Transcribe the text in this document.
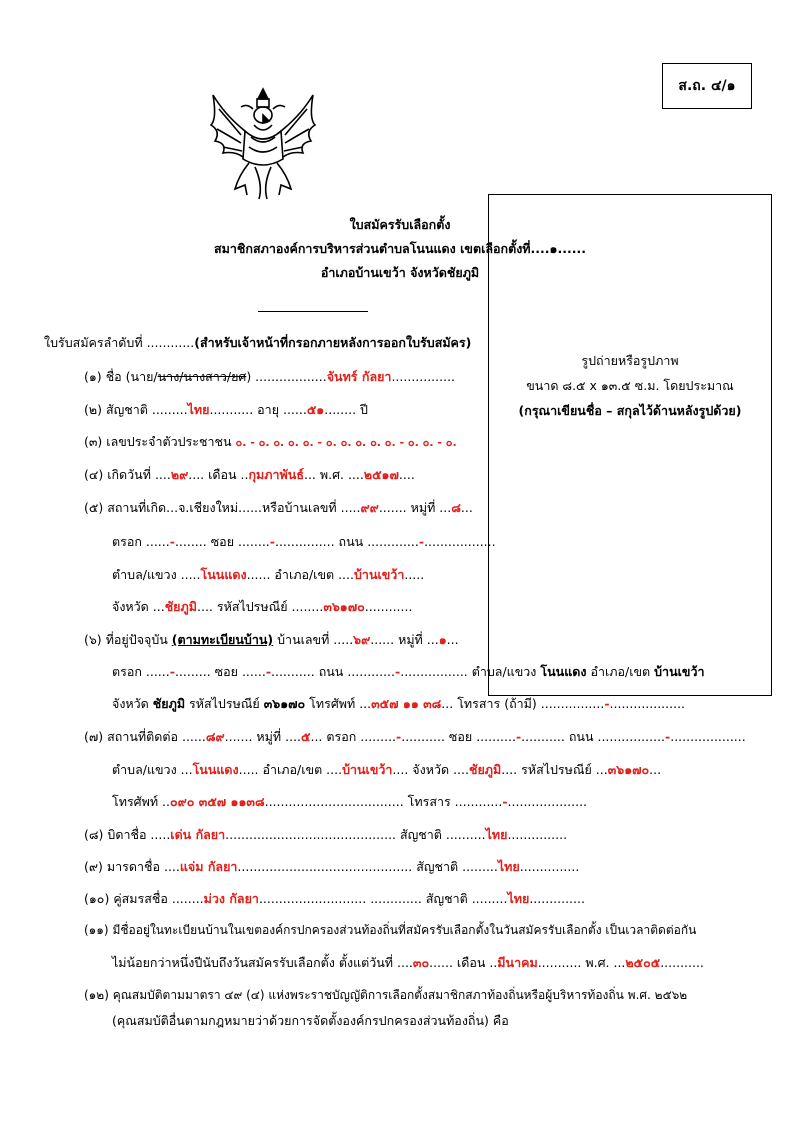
ส.ถ. ๔/๑
ใบสมัครรับเลือกตั้ง
สมาชิกสภาองค์การบริหารส่วนตำบลโนนแดง เขตเลือกตั้งที่....๑......
อำเภอบ้านเขว้า จังหวัดชัยภูมิ
ใบรับสมัครลำดับที่ ............(สำหรับเจ้าหน้าที่กรอกภายหลังการออกใบรับสมัคร)
รูปถ่ายหรือรูปภาพ
ขนาด ๘.๕ x ๑๓.๕ ซ.ม. โดยประมาณ
(กรุณาเขียนชื่อ – สกุลไว้ด้านหลังรูปด้วย)
(๑) ชื่อ (นาย/นาง/นางสาว/ยศ) ..................จันทร์ กัลยา................
(๒) สัญชาติ .........ไทย........... อายุ ......๕๑........ ปี
(๓) เลขประจำตัวประชาชน ๐. - ๐. ๐. ๐. ๐. - ๐. ๐. ๐. ๐. ๐. - ๐. ๐. - ๐.
(๔) เกิดวันที่ ....๒๙.... เดือน ..กุมภาพันธ์... พ.ศ. ....๒๕๑๗....
(๕) สถานที่เกิด...จ.เชียงใหม่......หรือบ้านเลขที่ .....๙๙....... หมู่ที่ ...๘...
ตรอก ......-........ ซอย ........-............... ถนน .............-..................
ตำบล/แขวง .....โนนแดง...... อำเภอ/เขต ....บ้านเขว้า.....
จังหวัด ...ชัยภูมิ.... รหัสไปรษณีย์ ........๓๖๑๗๐............
(๖) ที่อยู่ปัจจุบัน (ตามทะเบียนบ้าน) บ้านเลขที่ .....๖๙...... หมู่ที่ ...๑...
ตรอก ......-......... ซอย ......-........... ถนน ............-................. ตำบล/แขวง โนนแดง อำเภอ/เขต บ้านเขว้า
จังหวัด ชัยภูมิ รหัสไปรษณีย์ ๓๖๑๗๐ โทรศัพท์ ...๓๕๗ ๑๑ ๓๘... โทรสาร (ถ้ามี) ................-...................
(๗) สถานที่ติดต่อ ......๘๙....... หมู่ที่ ....๕... ตรอก .........-........... ซอย ..........-........... ถนน .................-...................
ตำบล/แขวง ...โนนแดง..... อำเภอ/เขต ....บ้านเขว้า.... จังหวัด ....ชัยภูมิ.... รหัสไปรษณีย์ ...๓๖๑๗๐...
โทรศัพท์ ..๐๙๐ ๓๕๗ ๑๑๓๘................................... โทรสาร ............-....................
(๘) บิดาชื่อ .....เด่น กัลยา........................................... สัญชาติ ..........ไทย...............
(๙) มารดาชื่อ ....แจ่ม กัลยา............................................ สัญชาติ .........ไทย...............
(๑๐) คู่สมรสชื่อ ........ม่วง กัลยา........................... ............. สัญชาติ .........ไทย..............
(๑๑) มีชื่ออยู่ในทะเบียนบ้านในเขตองค์กรปกครองส่วนท้องถิ่นที่สมัครรับเลือกตั้งในวันสมัครรับเลือกตั้ง เป็นเวลาติดต่อกัน
ไม่น้อยกว่าหนึ่งปีนับถึงวันสมัครรับเลือกตั้ง ตั้งแต่วันที่ ....๓๐...... เดือน ..มีนาคม........... พ.ศ. ...๒๕๐๕...........
(๑๒) คุณสมบัติตามมาตรา ๔๙ (๔) แห่งพระราชบัญญัติการเลือกตั้งสมาชิกสภาท้องถิ่นหรือผู้บริหารท้องถิ่น พ.ศ. ๒๕๖๒
(คุณสมบัติอื่นตามกฎหมายว่าด้วยการจัดตั้งองค์กรปกครองส่วนท้องถิ่น) คือ
